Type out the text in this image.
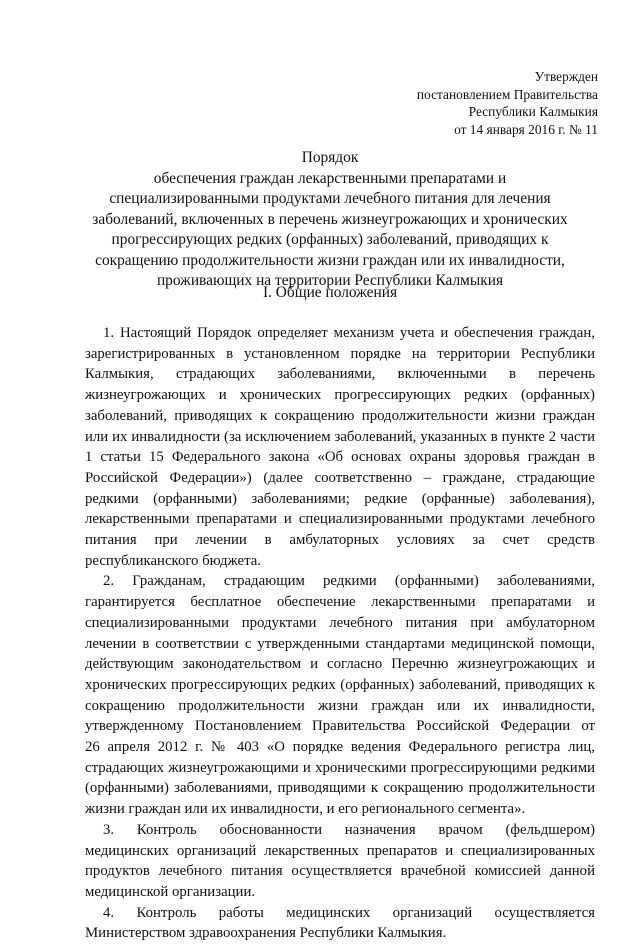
Утвержден
постановлением Правительства
Республики Калмыкия
от 14 января 2016 г. № 11
Порядок
обеспечения граждан лекарственными препаратами и
специализированными продуктами лечебного питания для лечения
заболеваний, включенных в перечень жизнеугрожающих и хронических
прогрессирующих редких (орфанных) заболеваний, приводящих к
сокращению продолжительности жизни граждан или их инвалидности,
проживающих на территории Республики Калмыкия
I. Общие положения
1. Настоящий Порядок определяет механизм учета и обеспечения граждан,
зарегистрированных в установленном порядке на территории Республики
Калмыкия, страдающих заболеваниями, включенными в перечень
жизнеугрожающих и хронических прогрессирующих редких (орфанных)
заболеваний, приводящих к сокращению продолжительности жизни граждан
или их инвалидности (за исключением заболеваний, указанных в пункте 2 части
1 статьи 15 Федерального закона «Об основах охраны здоровья граждан в
Российской Федерации») (далее соответственно – граждане, страдающие
редкими (орфанными) заболеваниями; редкие (орфанные) заболевания),
лекарственными препаратами и специализированными продуктами лечебного
питания при лечении в амбулаторных условиях за счет средств
республиканского бюджета.
2. Гражданам, страдающим редкими (орфанными) заболеваниями,
гарантируется бесплатное обеспечение лекарственными препаратами и
специализированными продуктами лечебного питания при амбулаторном
лечении в соответствии с утвержденными стандартами медицинской помощи,
действующим законодательством и согласно Перечню жизнеугрожающих и
хронических прогрессирующих редких (орфанных) заболеваний, приводящих к
сокращению продолжительности жизни граждан или их инвалидности,
утвержденному Постановлением Правительства Российской Федерации от
26 апреля 2012 г. № 403 «О порядке ведения Федерального регистра лиц,
страдающих жизнеугрожающими и хроническими прогрессирующими редкими
(орфанными) заболеваниями, приводящими к сокращению продолжительности
жизни граждан или их инвалидности, и его регионального сегмента».
3. Контроль обоснованности назначения врачом (фельдшером)
медицинских организаций лекарственных препаратов и специализированных
продуктов лечебного питания осуществляется врачебной комиссией данной
медицинской организации.
4. Контроль работы медицинских организаций осуществляется
Министерством здравоохранения Республики Калмыкия.
